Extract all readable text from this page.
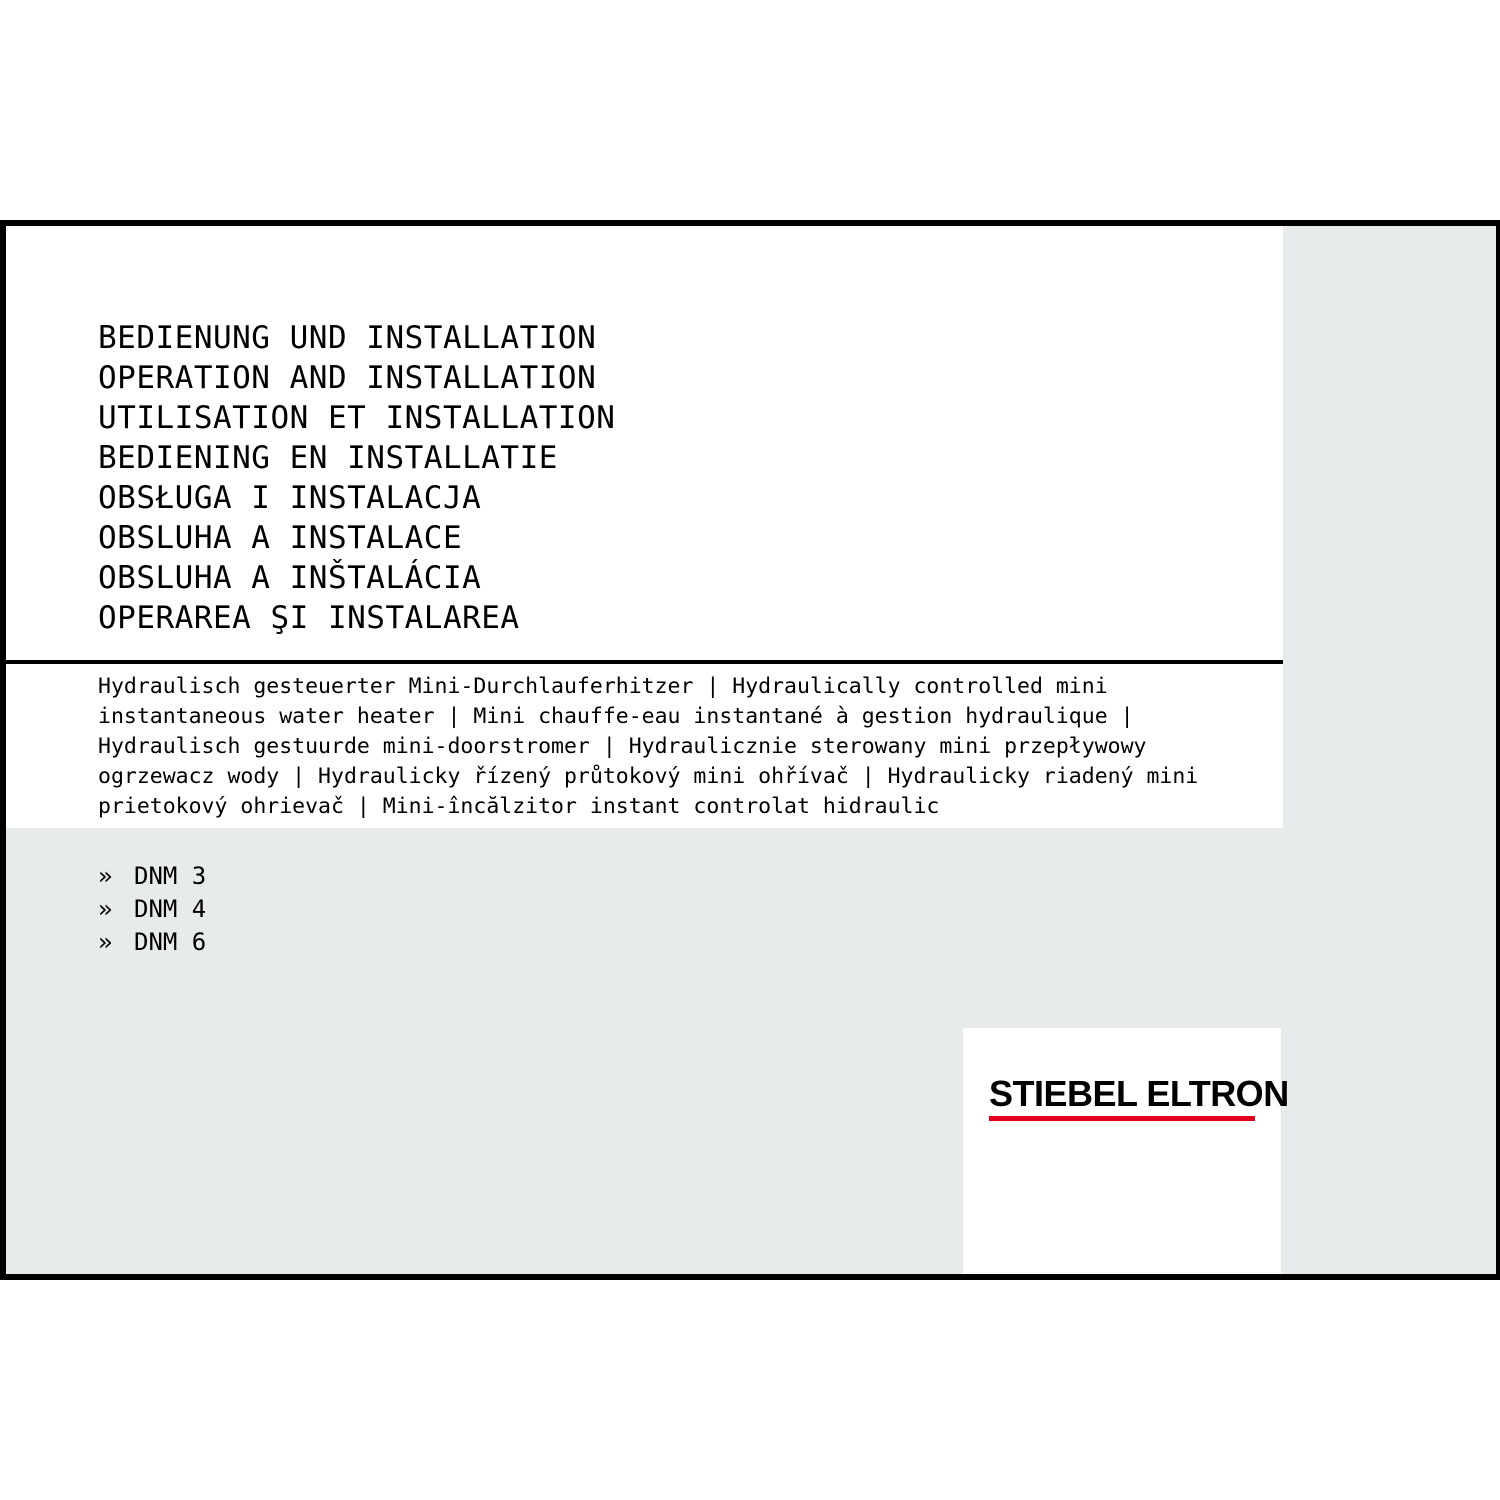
BEDIENUNG UND INSTALLATION
OPERATION AND INSTALLATION
UTILISATION ET INSTALLATION
BEDIENING EN INSTALLATIE
OBSŁUGA I INSTALACJA
OBSLUHA A INSTALACE
OBSLUHA A INŠTALÁCIA
OPERAREA ŞI INSTALAREA
Hydraulisch gesteuerter Mini-Durchlauferhitzer | Hydraulically controlled mini
instantaneous water heater | Mini chauffe-eau instantané à gestion hydraulique |
Hydraulisch gestuurde mini-doorstromer | Hydraulicznie sterowany mini przepływowy
ogrzewacz wody | Hydraulicky řízený průtokový mini ohřívač | Hydraulicky riadený mini
prietokový ohrievač | Mini-încălzitor instant controlat hidraulic
» DNM 3
» DNM 4
» DNM 6
STIEBEL ELTRON
